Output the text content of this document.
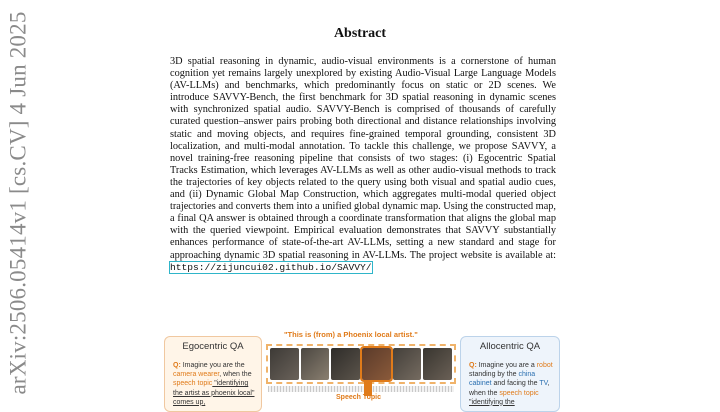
arXiv:2506.05414v1 [cs.CV] 4 Jun 2025	Abstract
3D spatial reasoning in dynamic, audio-visual environments is a cornerstone of human cognition yet remains largely unexplored by existing Audio-Visual Large Language Models (AV-LLMs) and benchmarks, which predominantly focus on static or 2D scenes. We introduce SAVVY-Bench, the first benchmark for 3D spatial reasoning in dynamic scenes with synchronized spatial audio. SAVVY-Bench is comprised of thousands of carefully curated question–answer pairs probing both directional and distance relationships involving static and moving objects, and requires fine-grained temporal grounding, consistent 3D localization, and multi-modal annotation. To tackle this challenge, we propose SAVVY, a novel training-free reasoning pipeline that consists of two stages: (i) Egocentric Spatial Tracks Estimation, which leverages AV-LLMs as well as other audio-visual methods to track the trajectories of key objects related to the query using both visual and spatial audio cues, and (ii) Dynamic Global Map Construction, which aggregates multi-modal queried object trajectories and converts them into a unified global dynamic map. Using the constructed map, a final QA answer is obtained through a coordinate transformation that aligns the global map with the queried viewpoint. Empirical evaluation demonstrates that SAVVY substantially enhances performance of state-of-the-art AV-LLMs, setting a new standard and stage for approaching dynamic 3D spatial reasoning in AV-LLMs. The project website is available at: https://zijuncui02.github.io/SAVVY/
"This is (from) a Phoenix local artist."
Egocentric QA
Q: Imagine you are the camera wearer, when the speech topic "identifying the artist as phoenix local" comes up,
Speech Topic
Allocentric QA
Q: Imagine you are a robot standing by the china cabinet and facing the TV, when the speech topic "identifying the
